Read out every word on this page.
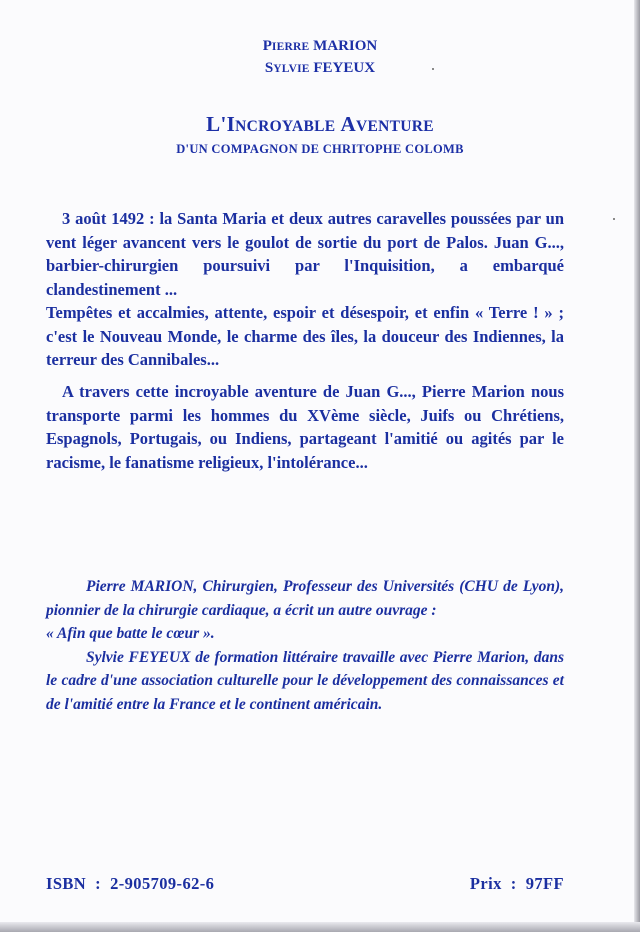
PIERRE MARION
SYLVIE FEYEUX
L'INCROYABLE AVENTURE
D'UN COMPAGNON DE CHRITOPHE COLOMB

3 août 1492 : la Santa Maria et deux autres caravelles poussées par un vent léger avancent vers le goulot de sortie du port de Palos. Juan G..., barbier-chirurgien poursuivi par l'Inquisition, a embarqué clandestinement ...

Tempêtes et accalmies, attente, espoir et désespoir, et enfin « Terre ! » ; c'est le Nouveau Monde, le charme des îles, la douceur des Indiennes, la terreur des Cannibales...

A travers cette incroyable aventure de Juan G..., Pierre Marion nous transporte parmi les hommes du XVème siècle, Juifs ou Chrétiens, Espagnols, Portugais, ou Indiens, partageant l'amitié ou agités par le racisme, le fanatisme religieux, l'intolérance...

Pierre MARION, Chirurgien, Professeur des Universités (CHU de Lyon), pionnier de la chirurgie cardiaque, a écrit un autre ouvrage :
« Afin que batte le cœur ».

Sylvie FEYEUX de formation littéraire travaille avec Pierre Marion, dans le cadre d'une association culturelle pour le développement des connaissances et de l'amitié entre la France et le continent américain.

ISBN  :  2-905709-62-6	Prix  :  97FF
